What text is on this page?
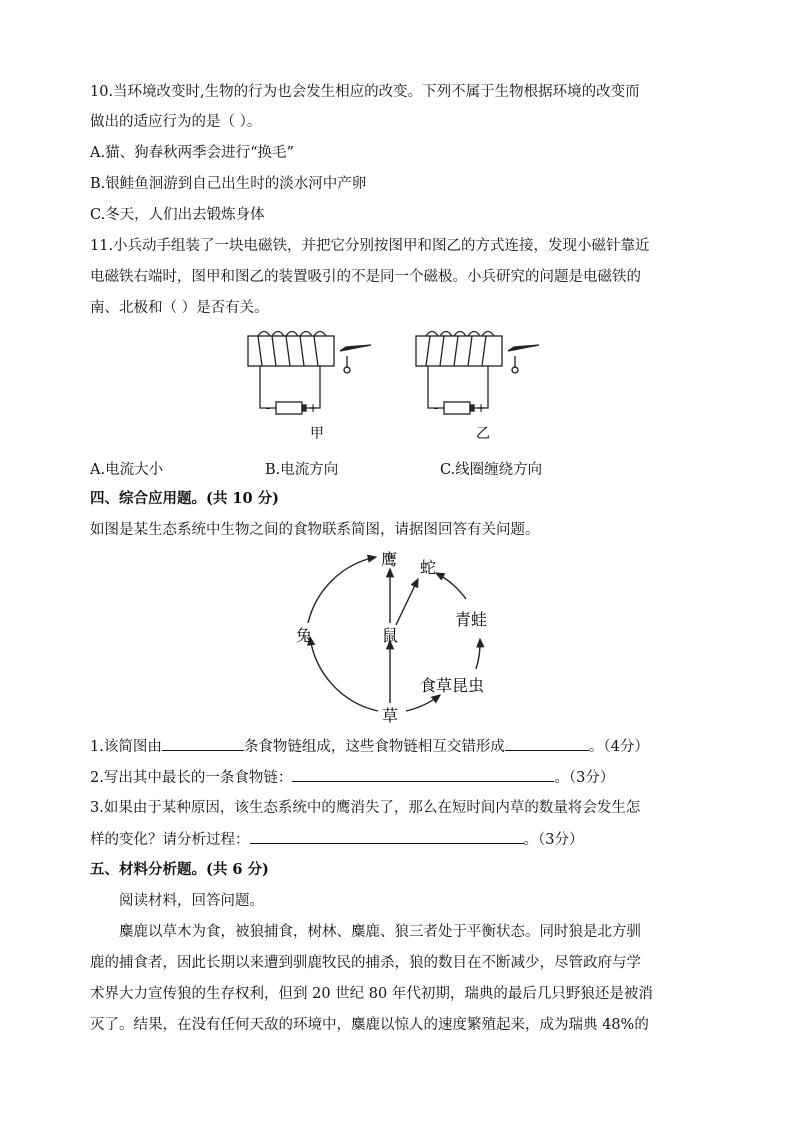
10.当环境改变时,生物的行为也会发生相应的改变。下列不属于生物根据环境的改变而
做出的适应行为的是（ ）。
A.猫、狗春秋两季会进行“换毛”
B.银鲑鱼洄游到自己出生时的淡水河中产卵
C.冬天，人们出去锻炼身体
11.小兵动手组装了一块电磁铁，并把它分别按图甲和图乙的方式连接，发现小磁针靠近
电磁铁右端时，图甲和图乙的装置吸引的不是同一个磁极。小兵研究的问题是电磁铁的
南、北极和（ ）是否有关。
-	+
甲
-	+
乙
A.电流大小	B.电流方向	C.线圈缠绕方向
四、综合应用题。(共 10 分)
如图是某生态系统中生物之间的食物联系简图，请据图回答有关问题。
鹰 蛇
青蛙
兔	鼠
食草昆虫
草
1.该简图由	条食物链组成，这些食物链相互交错形成	。（4分）
2.写出其中最长的一条食物链：	。（3分）
3.如果由于某种原因，该生态系统中的鹰消失了，那么在短时间内草的数量将会发生怎
样的变化？请分析过程：	。（3分）
五、材料分析题。(共 6 分)
阅读材料，回答问题。
麋鹿以草木为食，被狼捕食，树林、麋鹿、狼三者处于平衡状态。同时狼是北方驯
鹿的捕食者，因此长期以来遭到驯鹿牧民的捕杀，狼的数目在不断减少，尽管政府与学
术界大力宣传狼的生存权利，但到 20 世纪 80 年代初期，瑞典的最后几只野狼还是被消
灭了。结果，在没有任何天敌的环境中，麋鹿以惊人的速度繁殖起来，成为瑞典 48%的
